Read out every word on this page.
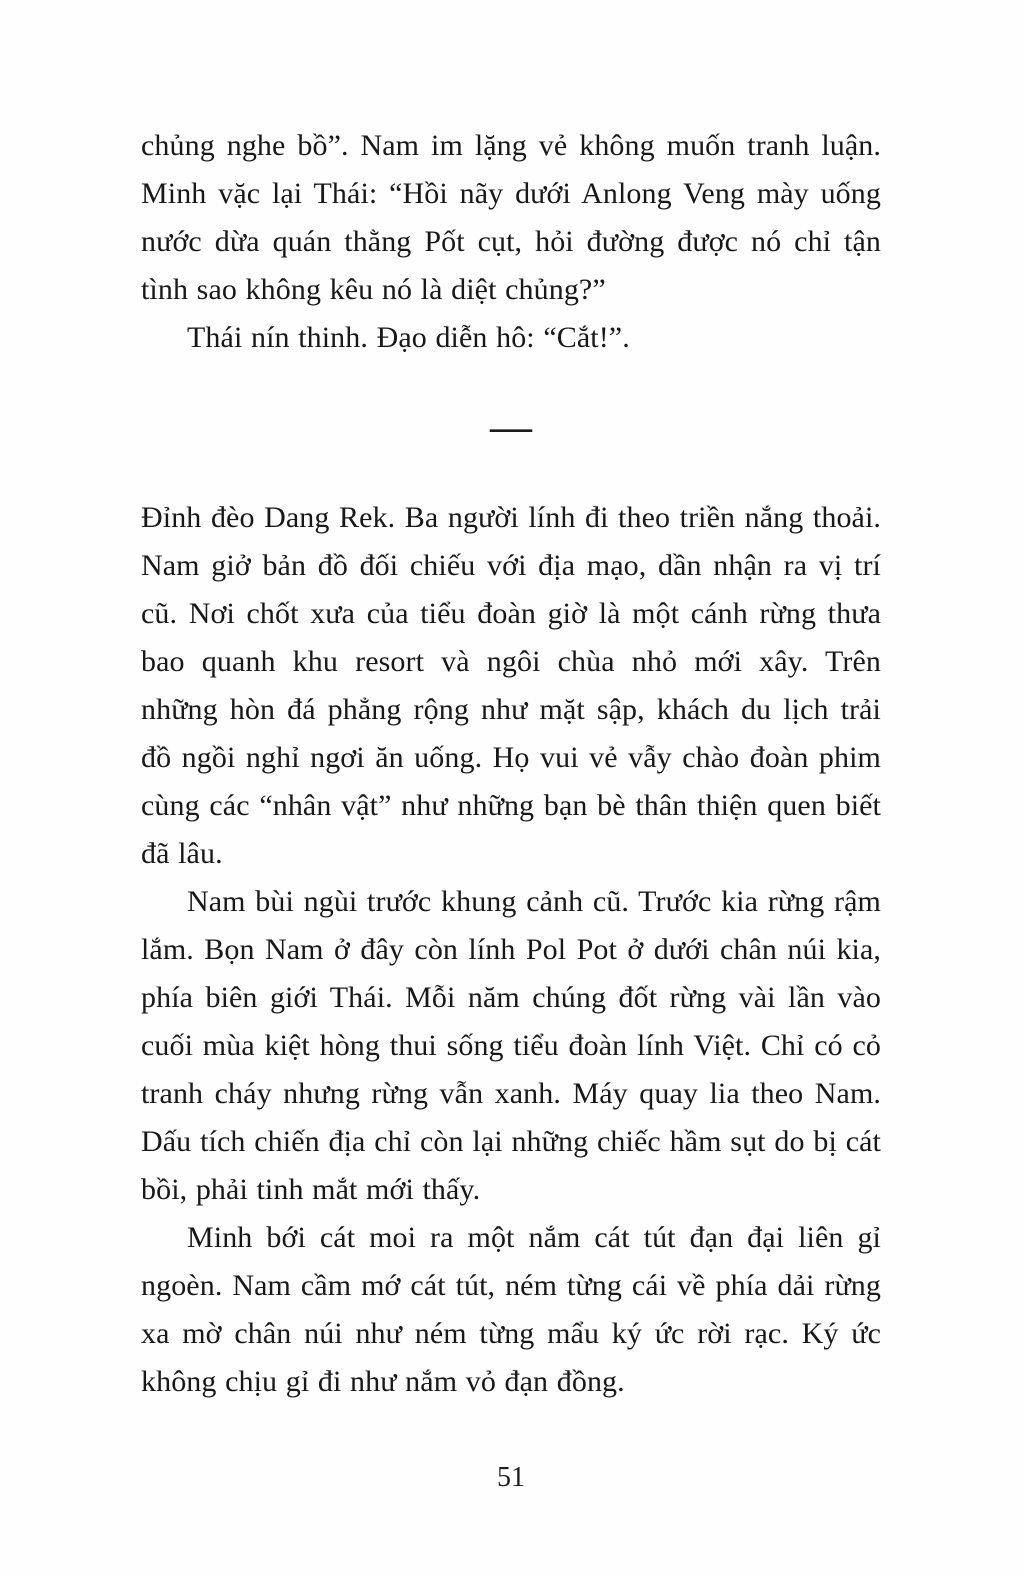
chủng nghe bồ”. Nam im lặng vẻ không muốn tranh luận. Minh vặc lại Thái: “Hồi nãy dưới Anlong Veng mày uống nước dừa quán thằng Pốt cụt, hỏi đường được nó chỉ tận tình sao không kêu nó là diệt chủng?”

Thái nín thinh. Đạo diễn hô: “Cắt!”.

—

Đỉnh đèo Dang Rek. Ba người lính đi theo triền nắng thoải. Nam giở bản đồ đối chiếu với địa mạo, dần nhận ra vị trí cũ. Nơi chốt xưa của tiểu đoàn giờ là một cánh rừng thưa bao quanh khu resort và ngôi chùa nhỏ mới xây. Trên những hòn đá phẳng rộng như mặt sập, khách du lịch trải đồ ngồi nghỉ ngơi ăn uống. Họ vui vẻ vẫy chào đoàn phim cùng các “nhân vật” như những bạn bè thân thiện quen biết đã lâu.

Nam bùi ngùi trước khung cảnh cũ. Trước kia rừng rậm lắm. Bọn Nam ở đây còn lính Pol Pot ở dưới chân núi kia, phía biên giới Thái. Mỗi năm chúng đốt rừng vài lần vào cuối mùa kiệt hòng thui sống tiểu đoàn lính Việt. Chỉ có cỏ tranh cháy nhưng rừng vẫn xanh. Máy quay lia theo Nam. Dấu tích chiến địa chỉ còn lại những chiếc hầm sụt do bị cát bồi, phải tinh mắt mới thấy.

Minh bới cát moi ra một nắm cát tút đạn đại liên gỉ ngoèn. Nam cầm mớ cát tút, ném từng cái về phía dải rừng xa mờ chân núi như ném từng mẩu ký ức rời rạc. Ký ức không chịu gỉ đi như nắm vỏ đạn đồng.

51
